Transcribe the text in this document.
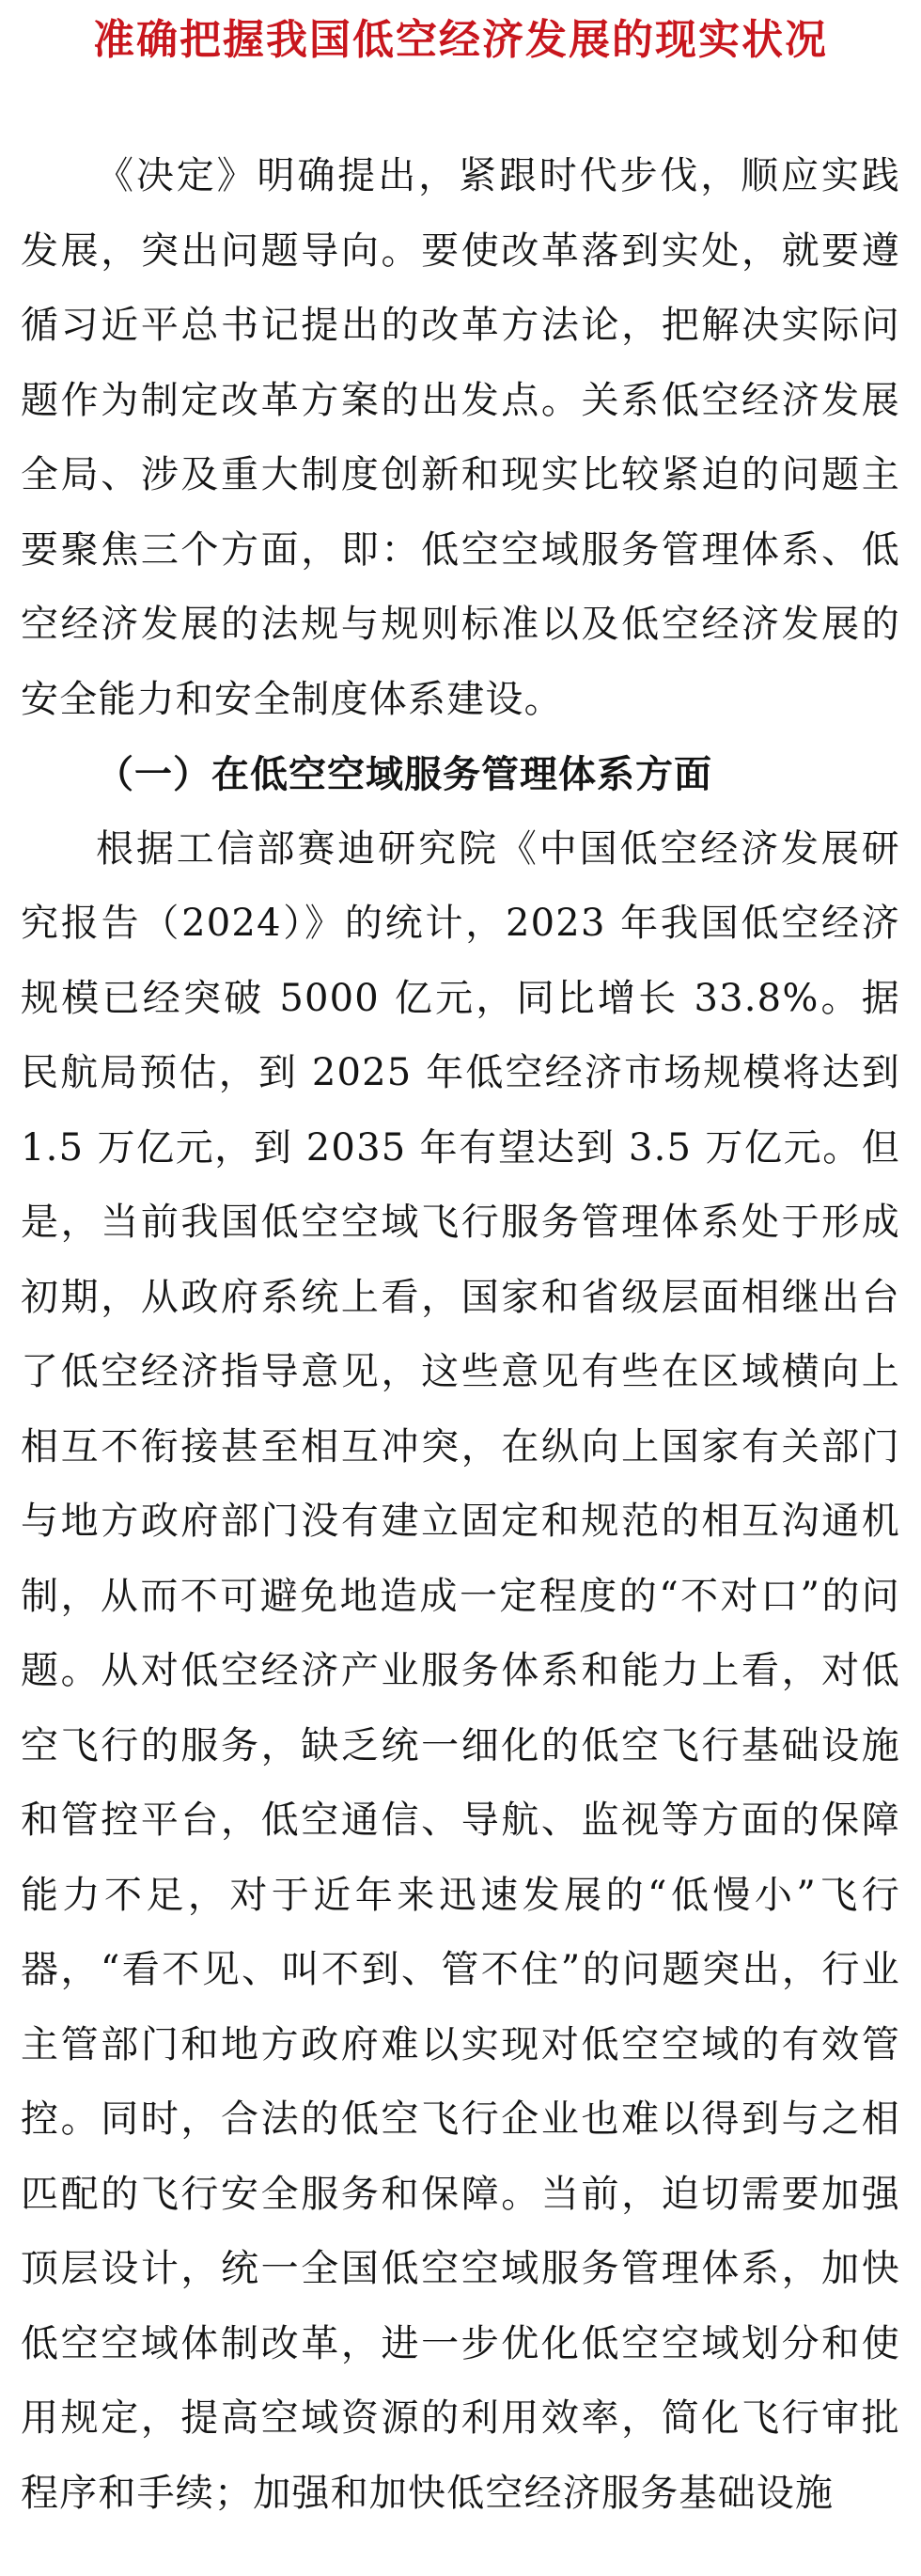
准确把握我国低空经济发展的现实状况

《决定》明确提出，紧跟时代步伐，顺应实践发展，突出问题导向。要使改革落到实处，就要遵循习近平总书记提出的改革方法论，把解决实际问题作为制定改革方案的出发点。关系低空经济发展全局、涉及重大制度创新和现实比较紧迫的问题主要聚焦三个方面，即：低空空域服务管理体系、低空经济发展的法规与规则标准以及低空经济发展的安全能力和安全制度体系建设。

（一）在低空空域服务管理体系方面

根据工信部赛迪研究院《中国低空经济发展研究报告（2024）》的统计，2023 年我国低空经济规模已经突破 5000 亿元，同比增长 33.8%。据民航局预估，到 2025 年低空经济市场规模将达到 1.5 万亿元，到 2035 年有望达到 3.5 万亿元。但是，当前我国低空空域飞行服务管理体系处于形成初期，从政府系统上看，国家和省级层面相继出台了低空经济指导意见，这些意见有些在区域横向上相互不衔接甚至相互冲突，在纵向上国家有关部门与地方政府部门没有建立固定和规范的相互沟通机制，从而不可避免地造成一定程度的“不对口”的问题。从对低空经济产业服务体系和能力上看，对低空飞行的服务，缺乏统一细化的低空飞行基础设施和管控平台，低空通信、导航、监视等方面的保障能力不足，对于近年来迅速发展的“低慢小”飞行器，“看不见、叫不到、管不住”的问题突出，行业主管部门和地方政府难以实现对低空空域的有效管控。同时，合法的低空飞行企业也难以得到与之相匹配的飞行安全服务和保障。当前，迫切需要加强顶层设计，统一全国低空空域服务管理体系，加快低空空域体制改革，进一步优化低空空域划分和使用规定，提高空域资源的利用效率，简化飞行审批程序和手续；加强和加快低空经济服务基础设施
